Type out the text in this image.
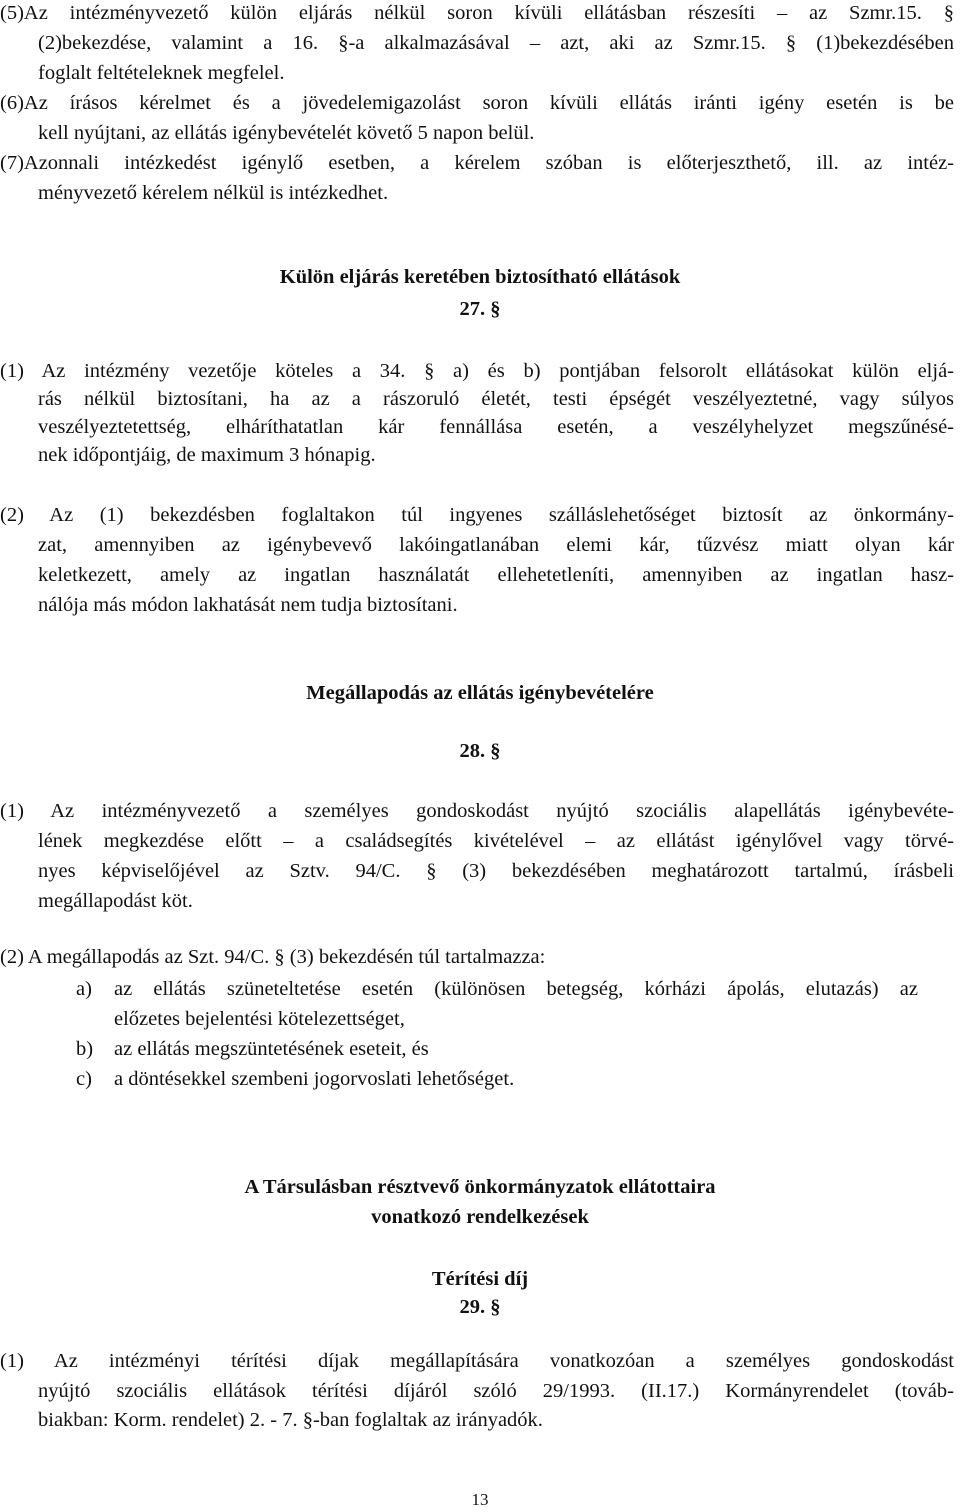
(5)Az intézményvezető külön eljárás nélkül soron kívüli ellátásban részesíti – az Szmr.15. §
(2)bekezdése, valamint a 16. §-a alkalmazásával – azt, aki az Szmr.15. § (1)bekezdésében
foglalt feltételeknek megfelel.
(6)Az írásos kérelmet és a jövedelemigazolást soron kívüli ellátás iránti igény esetén is be
kell nyújtani, az ellátás igénybevételét követő 5 napon belül.
(7)Azonnali intézkedést igénylő esetben, a kérelem szóban is előterjeszthető, ill. az intéz-
ményvezető kérelem nélkül is intézkedhet.
Külön eljárás keretében biztosítható ellátások
27. §
(1) Az intézmény vezetője köteles a 34. § a) és b) pontjában felsorolt ellátásokat külön eljá-
rás nélkül biztosítani, ha az a rászoruló életét, testi épségét veszélyeztetné, vagy súlyos
veszélyeztetettség, elháríthatatlan kár fennállása esetén, a veszélyhelyzet megszűnésé-
nek időpontjáig, de maximum 3 hónapig.
(2) Az (1) bekezdésben foglaltakon túl ingyenes szálláslehetőséget biztosít az önkormány-
zat, amennyiben az igénybevevő lakóingatlanában elemi kár, tűzvész miatt olyan kár
keletkezett, amely az ingatlan használatát ellehetetleníti, amennyiben az ingatlan hasz-
nálója más módon lakhatását nem tudja biztosítani.
Megállapodás az ellátás igénybevételére
28. §
(1) Az intézményvezető a személyes gondoskodást nyújtó szociális alapellátás igénybevéte-
lének megkezdése előtt – a családsegítés kivételével – az ellátást igénylővel vagy törvé-
nyes képviselőjével az Sztv. 94/C. § (3) bekezdésében meghatározott tartalmú, írásbeli
megállapodást köt.
(2) A megállapodás az Szt. 94/C. § (3) bekezdésén túl tartalmazza:
a) az ellátás szüneteltetése esetén (különösen betegség, kórházi ápolás, elutazás) az
előzetes bejelentési kötelezettséget,
b) az ellátás megszüntetésének eseteit, és
c) a döntésekkel szembeni jogorvoslati lehetőséget.
A Társulásban résztvevő önkormányzatok ellátottaira
vonatkozó rendelkezések
Térítési díj
29. §
(1) Az intézményi térítési díjak megállapítására vonatkozóan a személyes gondoskodást
nyújtó szociális ellátások térítési díjáról szóló 29/1993. (II.17.) Kormányrendelet (továb-
biakban: Korm. rendelet) 2. - 7. §-ban foglaltak az irányadók.
13
